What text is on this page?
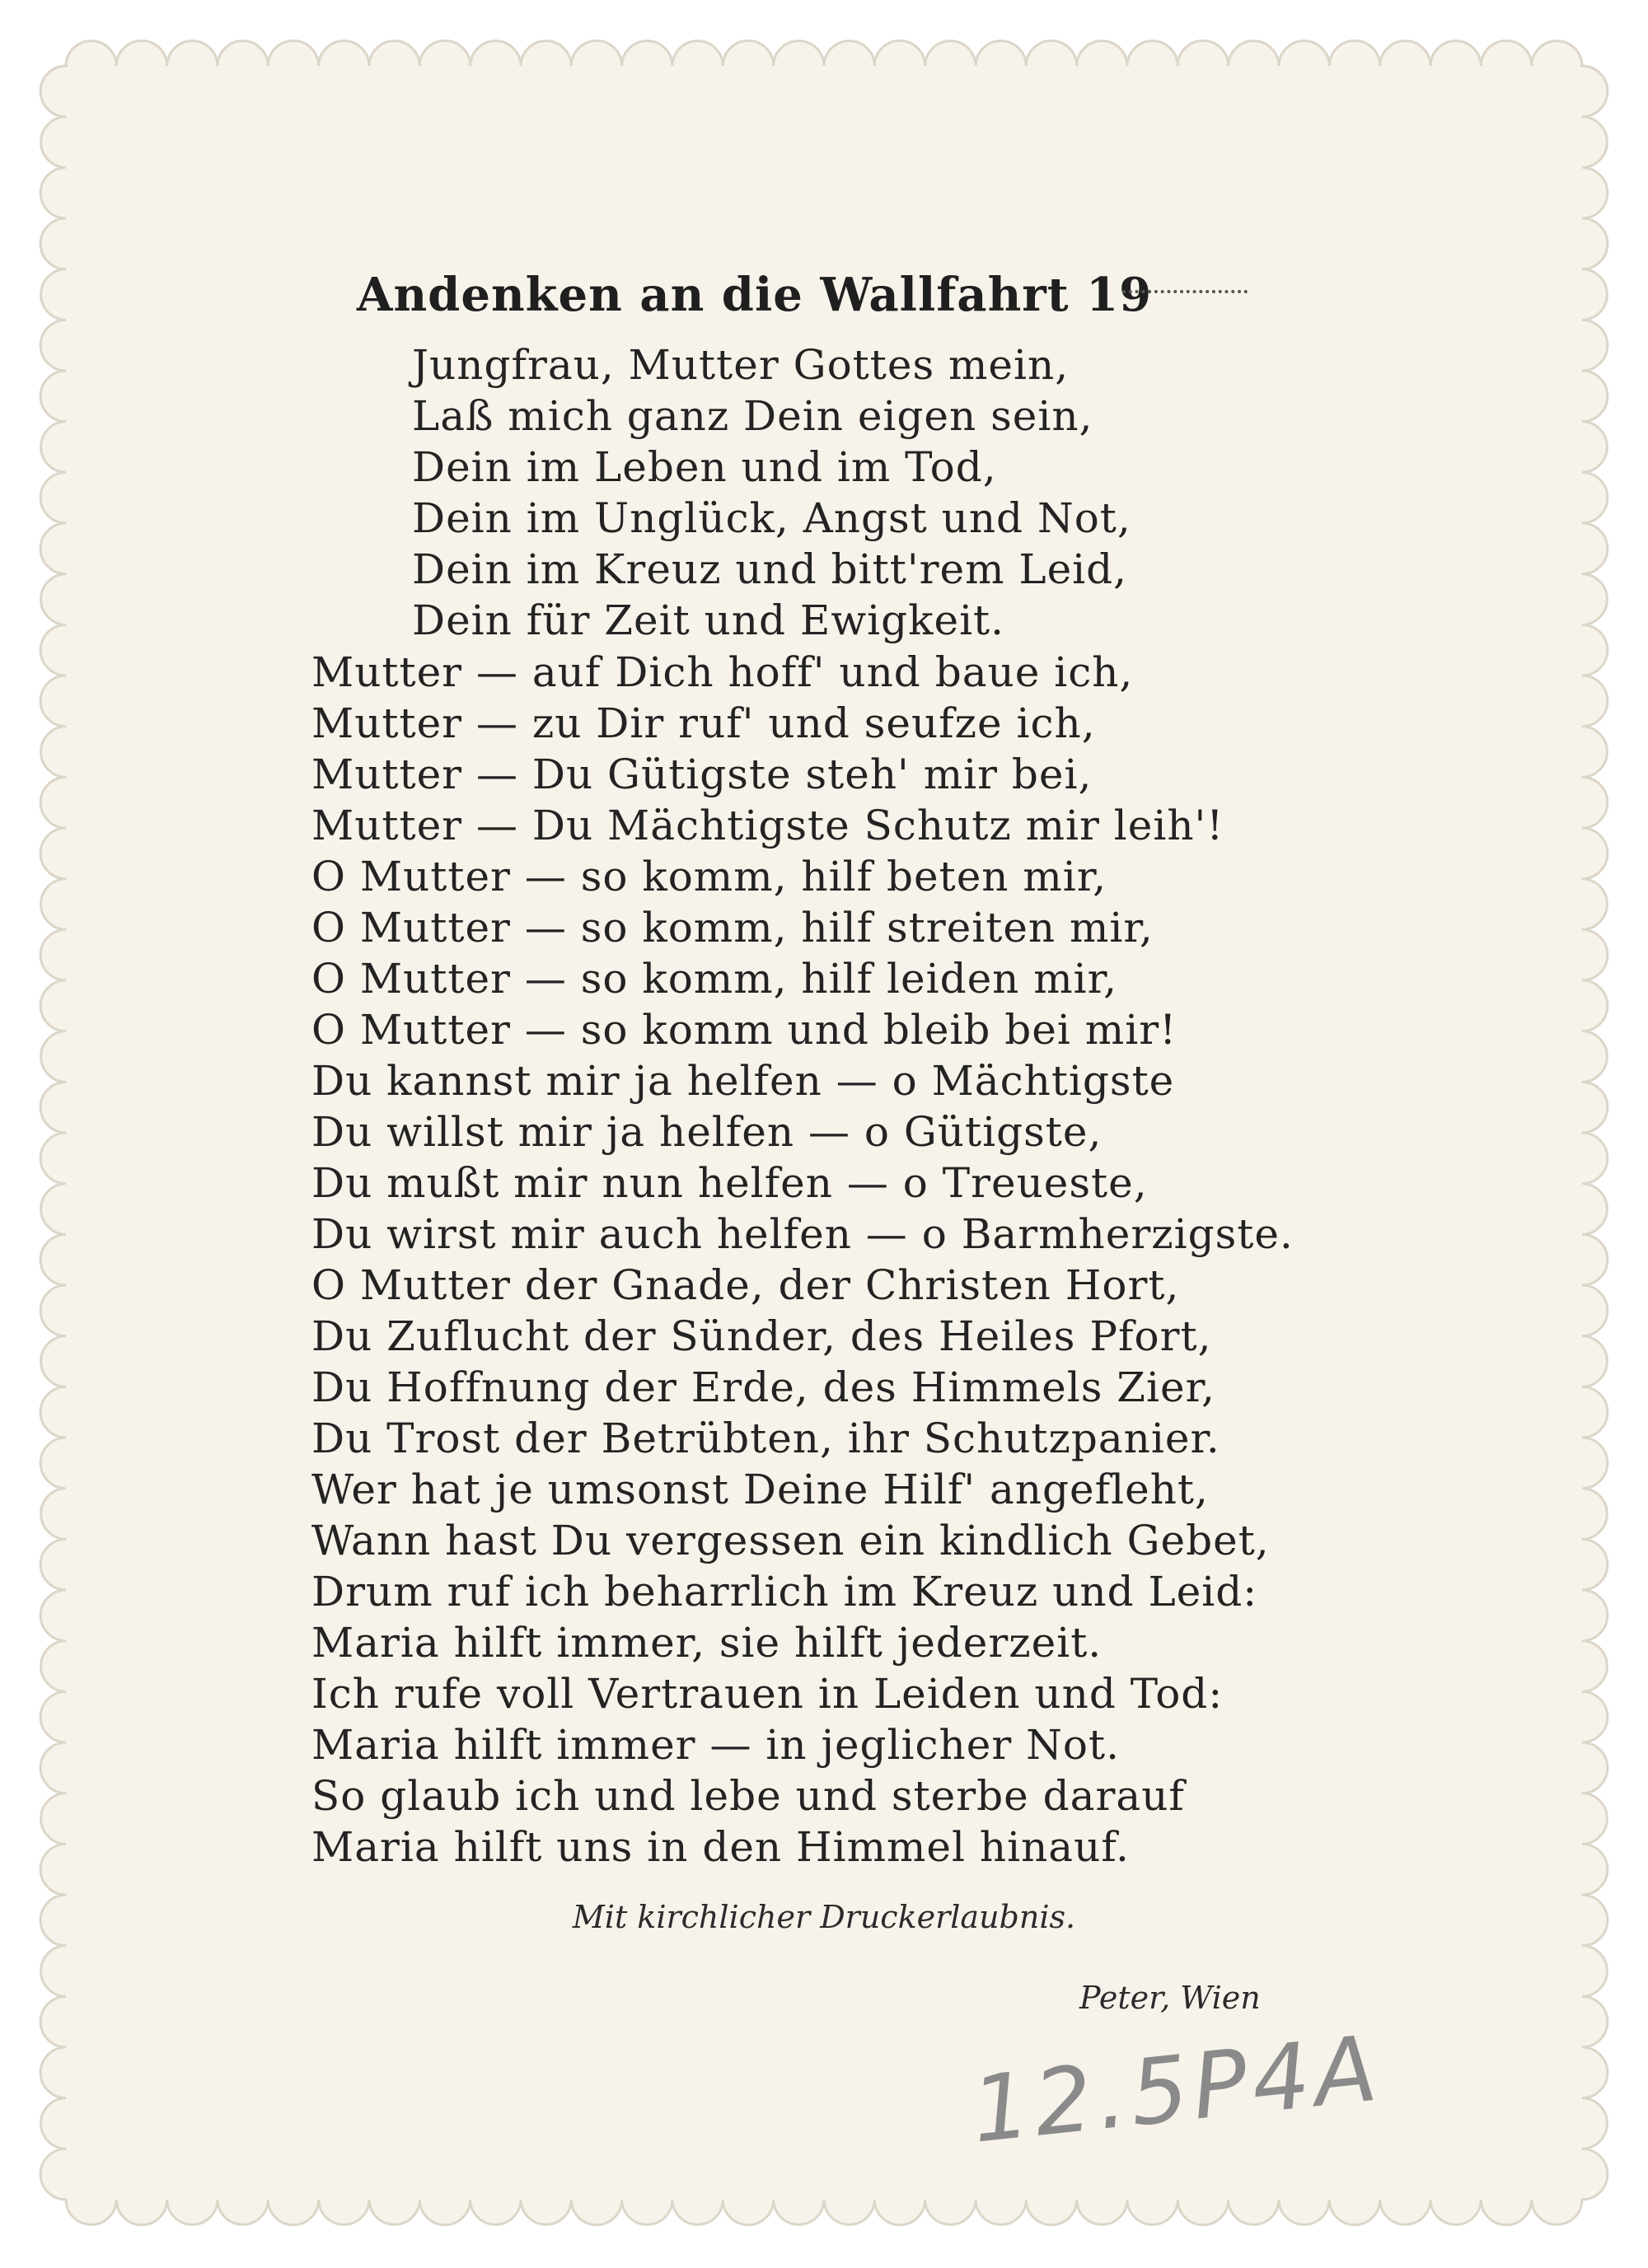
Andenken an die Wallfahrt 19
Jungfrau, Mutter Gottes mein,
Laß mich ganz Dein eigen sein,
Dein im Leben und im Tod,
Dein im Unglück, Angst und Not,
Dein im Kreuz und bitt'rem Leid,
Dein für Zeit und Ewigkeit.
Mutter — auf Dich hoff' und baue ich,
Mutter — zu Dir ruf' und seufze ich,
Mutter — Du Gütigste steh' mir bei,
Mutter — Du Mächtigste Schutz mir leih'!
O Mutter — so komm, hilf beten mir,
O Mutter — so komm, hilf streiten mir,
O Mutter — so komm, hilf leiden mir,
O Mutter — so komm und bleib bei mir!
Du kannst mir ja helfen — o Mächtigste
Du willst mir ja helfen — o Gütigste,
Du mußt mir nun helfen — o Treueste,
Du wirst mir auch helfen — o Barmherzigste.
O Mutter der Gnade, der Christen Hort,
Du Zuflucht der Sünder, des Heiles Pfort,
Du Hoffnung der Erde, des Himmels Zier,
Du Trost der Betrübten, ihr Schutzpanier.
Wer hat je umsonst Deine Hilf' angefleht,
Wann hast Du vergessen ein kindlich Gebet,
Drum ruf ich beharrlich im Kreuz und Leid:
Maria hilft immer, sie hilft jederzeit.
Ich rufe voll Vertrauen in Leiden und Tod:
Maria hilft immer — in jeglicher Not.
So glaub ich und lebe und sterbe darauf
Maria hilft uns in den Himmel hinauf.
Mit kirchlicher Druckerlaubnis.
Peter, Wien
12.5P4A
